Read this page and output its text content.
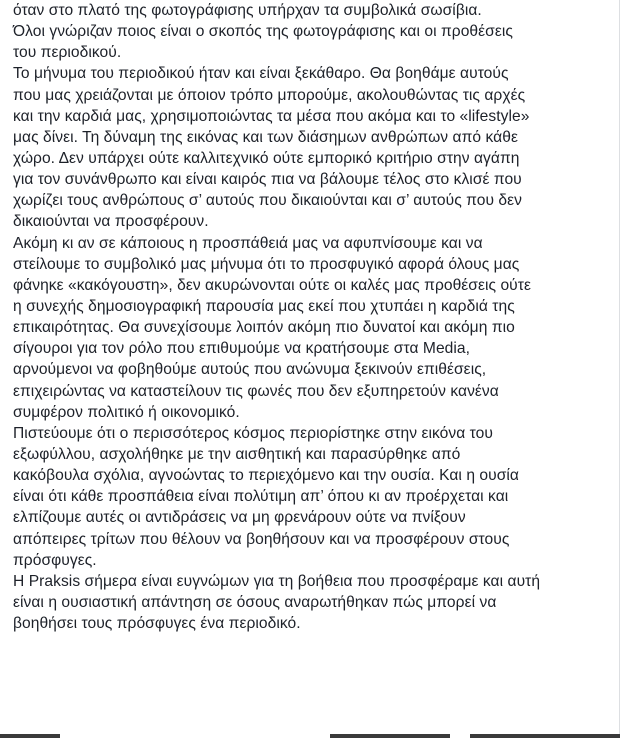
όταν στο πλατό της φωτογράφισης υπήρχαν τα συμβολικά σωσίβια.
Όλοι γνώριζαν ποιος είναι ο σκοπός της φωτογράφισης και οι προθέσεις
του περιοδικού.
Το μήνυμα του περιοδικού ήταν και είναι ξεκάθαρο. Θα βοηθάμε αυτούς
που μας χρειάζονται με όποιον τρόπο μπορούμε, ακολουθώντας τις αρχές
και την καρδιά μας, χρησιμοποιώντας τα μέσα που ακόμα και το «lifestyle»
μας δίνει. Τη δύναμη της εικόνας και των διάσημων ανθρώπων από κάθε
χώρο. Δεν υπάρχει ούτε καλλιτεχνικό ούτε εμπορικό κριτήριο στην αγάπη
για τον συνάνθρωπο και είναι καιρός πια να βάλουμε τέλος στο κλισέ που
χωρίζει τους ανθρώπους σ’ αυτούς που δικαιούνται και σ’ αυτούς που δεν
δικαιούνται να προσφέρουν.
Ακόμη κι αν σε κάποιους η προσπάθειά μας να αφυπνίσουμε και να
στείλουμε το συμβολικό μας μήνυμα ότι το προσφυγικό αφορά όλους μας
φάνηκε «κακόγουστη», δεν ακυρώνονται ούτε οι καλές μας προθέσεις ούτε
η συνεχής δημοσιογραφική παρουσία μας εκεί που χτυπάει η καρδιά της
επικαιρότητας. Θα συνεχίσουμε λοιπόν ακόμη πιο δυνατοί και ακόμη πιο
σίγουροι για τον ρόλο που επιθυμούμε να κρατήσουμε στα Media,
αρνούμενοι να φοβηθούμε αυτούς που ανώνυμα ξεκινούν επιθέσεις,
επιχειρώντας να καταστείλουν τις φωνές που δεν εξυπηρετούν κανένα
συμφέρον πολιτικό ή οικονομικό.
Πιστεύουμε ότι ο περισσότερος κόσμος περιορίστηκε στην εικόνα του
εξωφύλλου, ασχολήθηκε με την αισθητική και παρασύρθηκε από
κακόβουλα σχόλια, αγνοώντας το περιεχόμενο και την ουσία. Και η ουσία
είναι ότι κάθε προσπάθεια είναι πολύτιμη απ’ όπου κι αν προέρχεται και
ελπίζουμε αυτές οι αντιδράσεις να μη φρενάρουν ούτε να πνίξουν
απόπειρες τρίτων που θέλουν να βοηθήσουν και να προσφέρουν στους
πρόσφυγες.
Η Praksis σήμερα είναι ευγνώμων για τη βοήθεια που προσφέραμε και αυτή
είναι η ουσιαστική απάντηση σε όσους αναρωτήθηκαν πώς μπορεί να
βοηθήσει τους πρόσφυγες ένα περιοδικό.
